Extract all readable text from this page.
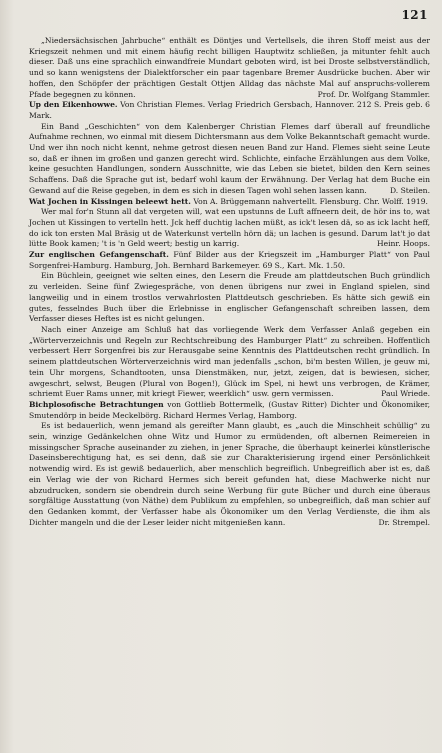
121

„Niedersächsischen Jahrbuche“ enthält es Döntjes und Vertellsels, die ihren Stoff meist aus der Kriegszeit nehmen und mit einem häufig recht billigen Hauptwitz schließen, ja mitunter fehlt auch dieser. Daß uns eine sprachlich einwandfreie Mundart geboten wird, ist bei Droste selbstverständlich, und so kann wenigstens der Dialektforscher ein paar tagenbare Bremer Ausdrücke buchen. Aber wir hoffen, den Schöpfer der prächtigen Gestalt Ottjen Alldag das nächste Mal auf anspruchs-vollerem Pfade begegnen zu können.	Prof. Dr. Wolfgang Stammler.

Up den Eikenhowwe. Von Christian Flemes. Verlag Friedrich Gersbach, Hannover. 212 S. Preis geb. 6 Mark.

Ein Band „Geschichten“ von dem Kalenberger Christian Flemes darf überall auf freundliche Aufnahme rechnen, wo einmal mit diesem Dichtersmann aus dem Volke Bekanntschaft gemacht wurde. Und wer ihn noch nicht kennt, nehme getrost diesen neuen Band zur Hand. Flemes sieht seine Leute so, daß er ihnen im großen und ganzen gerecht wird. Schlichte, einfache Erzählungen aus dem Volke, keine gesuchten Handlungen, sondern Ausschnitte, wie das Leben sie bietet, bilden den Kern seines Schaffens. Daß die Sprache gut ist, bedarf wohl kaum der Erwähnung. Der Verlag hat dem Buche ein Gewand auf die Reise gegeben, in dem es sich in diesen Tagen wohl sehen lassen kann.	D. Steilen.

Wat Jochen in Kissingen beleewt hett. Von A. Brüggemann nahvertellt. Flensburg. Chr. Wolff. 1919.

Wer mal for'n Stunn all dat vergeten will, wat een upstunns de Luft affneern deit, de hör ins to, wat Jochen ut Kissingen to vertelln hett. Jck heff duchtig lachen müßt, as ick't lesen dä, so as ick lacht heff, do ick ton ersten Mal Bräsig ut de Waterkunst vertelln hörn dä; un lachen is gesund. Darum lat't jo dat lütte Book kamen; 't is 'n Geld weert; bestig un karrig.	Heinr. Hoops.

Zur englischen Gefangenschaft. Fünf Bilder aus der Kriegszeit im „Hamburger Platt“ von Paul Sorgenfrei-Hamburg. Hamburg, Joh. Bernhard Barkemeyer. 69 S., Kart. Mk. 1.50.

Ein Büchlein, geeignet wie selten eines, den Lesern die Freude am plattdeutschen Buch gründlich zu verleiden. Seine fünf Zwiegespräche, von denen übrigens nur zwei in England spielen, sind langweilig und in einem trostlos verwahrlosten Plattdeutsch geschrieben. Es hätte sich gewiß ein gutes, fesselndes Buch über die Erlebnisse in englischer Gefangenschaft schreiben lassen, dem Verfasser dieses Heftes ist es nicht gelungen.

Nach einer Anzeige am Schluß hat das vorliegende Werk dem Verfasser Anlaß gegeben ein „Wörterverzeichnis und Regeln zur Rechtschreibung des Hamburger Platt“ zu schreiben. Hoffentlich verbessert Herr Sorgenfrei bis zur Herausgabe seine Kenntnis des Plattdeutschen recht gründlich. In seinem plattdeutschen Wörterverzeichnis wird man jedenfalls „schon, bi'm besten Willen, je geuw mi, tein Uhr morgens, Schandtooten, unsa Dienstmäken, nur, jetzt, zeigen, dat is bewiesen, sicher, awgeschrt, selwst, Beugen (Plural von Bogen!), Glück im Spel, ni hewt uns verbrogen, de Krämer, schriemt Euer Rams unner, mit kriegt Fiewer, weerklich“ usw. gern vermissen.	Paul Wriede.

Bichplosofische Betrachtungen von Gottlieb Bottermelk, (Gustav Ritter) Dichter und Ökonomiker, Smutendörp in beide Meckelbörg. Richard Hermes Verlag, Hamborg.

Es ist bedauerlich, wenn jemand als gereifter Mann glaubt, es „auch die Minschheit schüllig“ zu sein, winzige Gedänkelchen ohne Witz und Humor zu ermüdenden, oft albernen Reimereien in missingscher Sprache auseinander zu ziehen, in jener Sprache, die überhaupt keinerlei künstlerische Daseinsberechtigung hat, es sei denn, daß sie zur Charakterisierung irgend einer Persönlichkeit notwendig wird. Es ist gewiß bedauerlich, aber menschlich begreiflich. Unbegreiflich aber ist es, daß ein Verlag wie der von Richard Hermes sich bereit gefunden hat, diese Machwerke nicht nur abzudrucken, sondern sie obendrein durch seine Werbung für gute Bücher und durch eine überaus sorgfältige Ausstattung (von Näthe) dem Publikum zu empfehlen, so unbegreiflich, daß man schier auf den Gedanken kommt, der Verfasser habe als Ökonomiker um den Verlag Verdienste, die ihm als Dichter mangeln und die der Leser leider nicht mitgenießen kann.	Dr. Strempel.
